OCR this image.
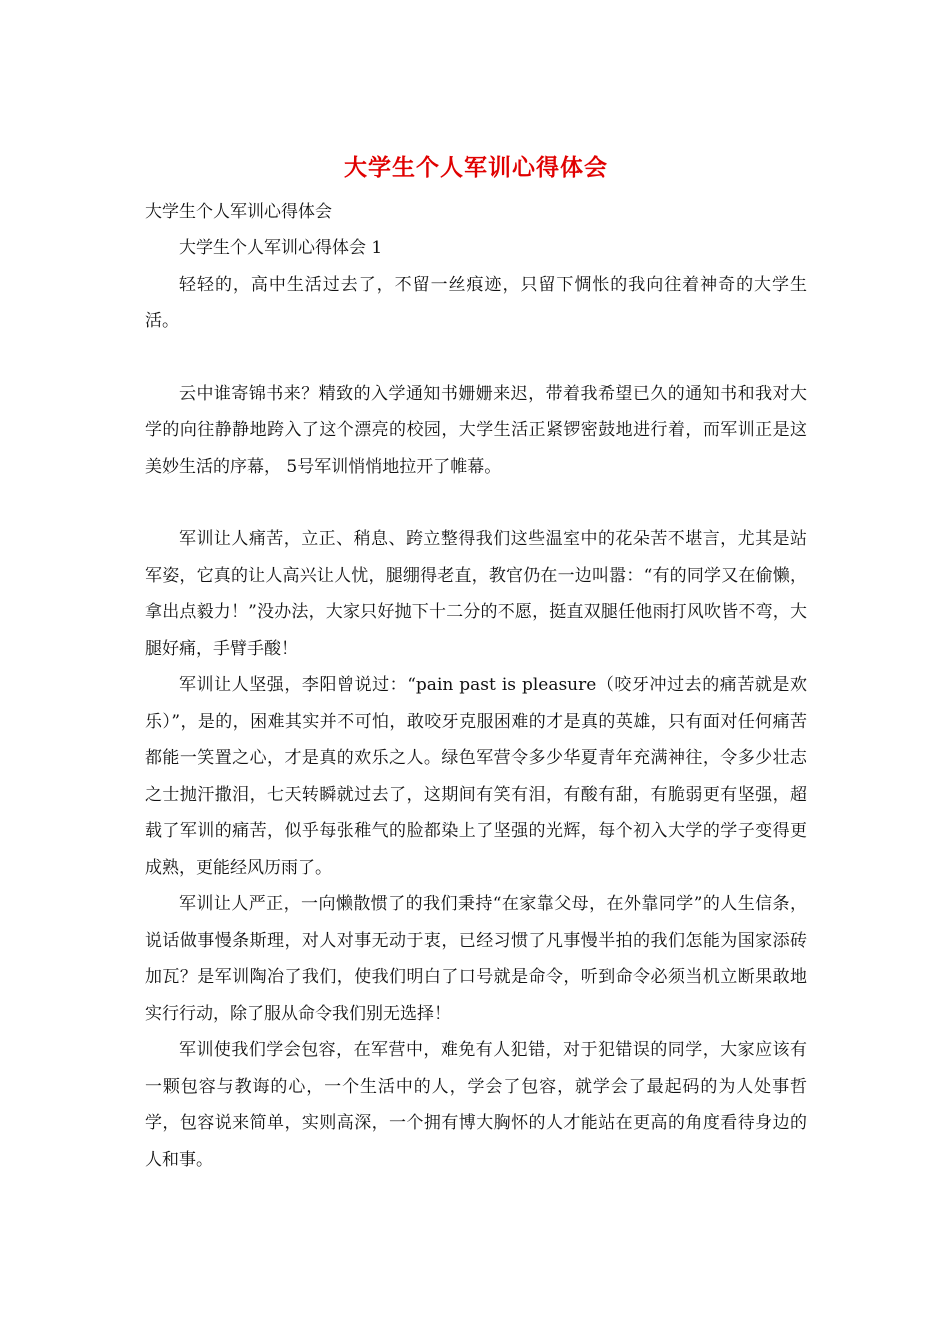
大学生个人军训心得体会

大学生个人军训心得体会

大学生个人军训心得体会 1

轻轻的，高中生活过去了，不留一丝痕迹，只留下惆怅的我向往着神奇的大学生活。

云中谁寄锦书来？精致的入学通知书姗姗来迟，带着我希望已久的通知书和我对大学的向往静静地跨入了这个漂亮的校园，大学生活正紧锣密鼓地进行着，而军训正是这美妙生活的序幕， 5号军训悄悄地拉开了帷幕。

军训让人痛苦，立正、稍息、跨立整得我们这些温室中的花朵苦不堪言，尤其是站军姿，它真的让人高兴让人忧，腿绷得老直，教官仍在一边叫嚣：“有的同学又在偷懒，拿出点毅力！”没办法，大家只好抛下十二分的不愿，挺直双腿任他雨打风吹皆不弯，大腿好痛，手臂手酸！

军训让人坚强，李阳曾说过：“pain past is pleasure（咬牙冲过去的痛苦就是欢乐）”，是的，困难其实并不可怕，敢咬牙克服困难的才是真的英雄，只有面对任何痛苦都能一笑置之心，才是真的欢乐之人。绿色军营令多少华夏青年充满神往，令多少壮志之士抛汗撒泪，七天转瞬就过去了，这期间有笑有泪，有酸有甜，有脆弱更有坚强，超载了军训的痛苦，似乎每张稚气的脸都染上了坚强的光辉，每个初入大学的学子变得更成熟，更能经风历雨了。

军训让人严正，一向懒散惯了的我们秉持“在家靠父母，在外靠同学”的人生信条，说话做事慢条斯理，对人对事无动于衷，已经习惯了凡事慢半拍的我们怎能为国家添砖加瓦？是军训陶冶了我们，使我们明白了口号就是命令，听到命令必须当机立断果敢地实行行动，除了服从命令我们别无选择！

军训使我们学会包容，在军营中，难免有人犯错，对于犯错误的同学，大家应该有一颗包容与教诲的心，一个生活中的人，学会了包容，就学会了最起码的为人处事哲学，包容说来简单，实则高深，一个拥有博大胸怀的人才能站在更高的角度看待身边的人和事。
